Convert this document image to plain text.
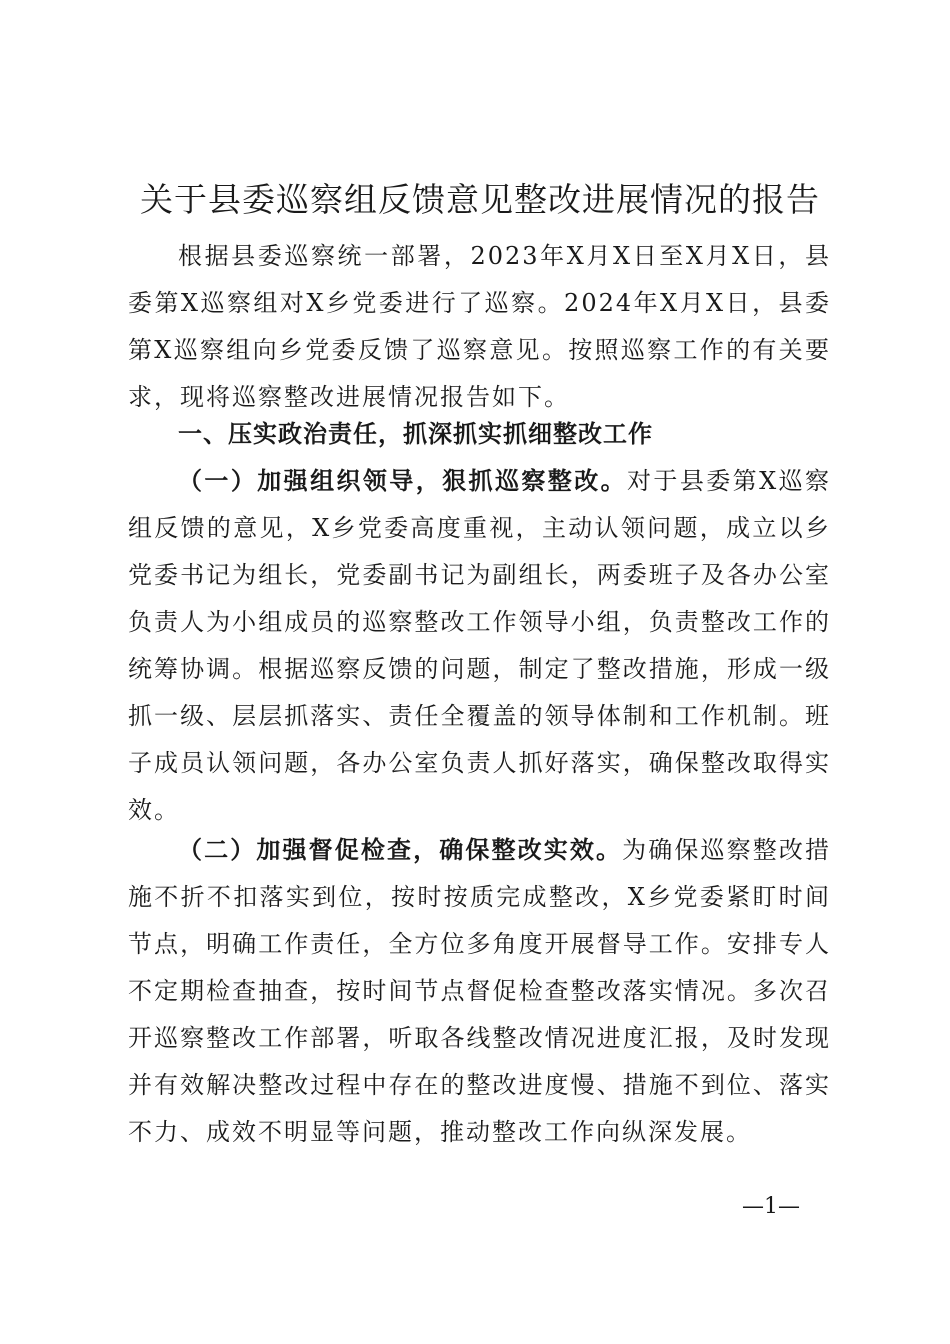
关于县委巡察组反馈意见整改进展情况的报告

根据县委巡察统一部署，2023年X月X日至X月X日，县委第X巡察组对X乡党委进行了巡察。2024年X月X日，县委第X巡察组向乡党委反馈了巡察意见。按照巡察工作的有关要求，现将巡察整改进展情况报告如下。

一、压实政治责任，抓深抓实抓细整改工作

（一）加强组织领导，狠抓巡察整改。对于县委第X巡察组反馈的意见，X乡党委高度重视，主动认领问题，成立以乡党委书记为组长，党委副书记为副组长，两委班子及各办公室负责人为小组成员的巡察整改工作领导小组，负责整改工作的统筹协调。根据巡察反馈的问题，制定了整改措施，形成一级抓一级、层层抓落实、责任全覆盖的领导体制和工作机制。班子成员认领问题，各办公室负责人抓好落实，确保整改取得实效。

（二）加强督促检查，确保整改实效。为确保巡察整改措施不折不扣落实到位，按时按质完成整改，X乡党委紧盯时间节点，明确工作责任，全方位多角度开展督导工作。安排专人不定期检查抽查，按时间节点督促检查整改落实情况。多次召开巡察整改工作部署，听取各线整改情况进度汇报，及时发现并有效解决整改过程中存在的整改进度慢、措施不到位、落实不力、成效不明显等问题，推动整改工作向纵深发展。

—1—
